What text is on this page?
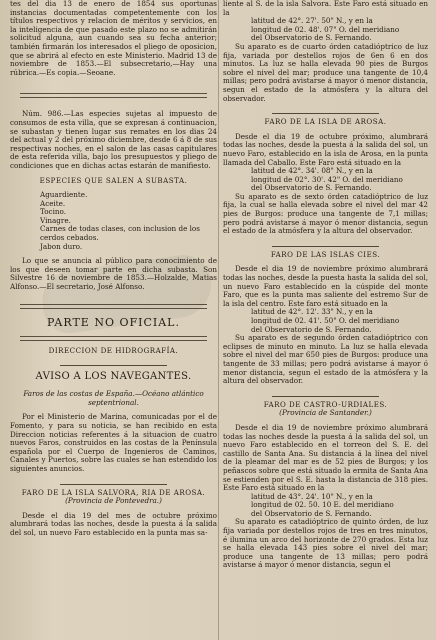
tes del dia 13 de enero de 1854 sus oportunas instancias documentadas competentemente con los títulos respectivos y relacion de méritos y servicios, en la inteligencia de que pasado este plazo no se admitirán solicitud alguna, aun cuando sea su fecha anterior; también firmarán los interesados el pliego de oposicion, que se abrirá al efecto en este Ministerio. Madrid 13 de noviembre de 1853.—El subsecretario,—Hay una rúbrica.—Es copia.—Seoane.

Núm. 986.—Las especies sujetas al impuesto de consumos de esta villa, que se expresan á continuacion, se subastan y tienen lugar sus remates en los dias 24 del actual y 2 del próximo diciembre, desde 6 á 8 de sus respectivas noches, en el salon de las casas capitulares de esta referida villa, bajo los presupuestos y pliego de condiciones que en dichas actas estarán de manifiesto.

ESPECIES QUE SALEN A SUBASTA.

Aguardiente.

Aceite.

Tocino.

Vinagre.

Carnes de todas clases, con inclusion de los cerdos cebados.

Jabon duro.

Lo que se anuncia al público para conocimiento de los que deseen tomar parte en dicha subasta. Son Silvestre 16 de noviembre de 1853.—Holzalde, Matias Alfonso.—El secretario, José Alfonso.

PARTE NO OFICIAL.

DIRECCION DE HIDROGRAFÍA.

AVISO A LOS NAVEGANTES.

Faros de las costas de España.—Océano atlántico septentrional.

Por el Ministerio de Marina, comunicadas por el de Fomento, y para su noticia, se han recibido en esta Direccion noticias referentes á la situacion de cuatro nuevos Faros, construidos en las costas de la Península española por el Cuerpo de Ingenieros de Caminos, Canales y Puertos, sobre las cuales se han estendido los siguientes anuncios.

FARO DE LA ISLA SALVORA, RIA DE AROSA.

(Provincia de Pontevedra.)

Desde el dia 19 del mes de octubre próximo alumbrará todas las noches, desde la puesta á la salida del sol, un nuevo Faro establecido en la punta mas sa-

liente al S. de la isla Salvora. Este Faro está situado en la

latitud de 42°. 27'. 50" N., y en la

longitud de 02. 48'. 07" O. del meridiano

del Observatorio de S. Fernando.

Su aparato es de cuarto órden catadióptrico de luz fija, variada por destellos rojos de 6en 6 en dos minutos. La luz se halla elevada 90 pies de Burgos sobre el nivel del mar; produce una tangente de 10,4 millas; pero podrá avistarse á mayor ó menor distancia, segun el estado de la atmósfera y la altura del observador.

FARO DE LA ISLA DE AROSA.

Desde el dia 19 de octubre próximo, alumbrará todas las noches, desde la puesta á la salida del sol, un nuevo Faro, establecido en la isla de Arosa, en la punta llamada del Caballo. Este Faro está situado en la

latitud de 42°. 34'. 08" N., y en la

longitud de 02°. 30'. 42" O. del meridiano

del Observatorio de S. Fernando.

Su aparato es de sexto órden catadióptrico de luz fija, la cual se halla elevada sobre el nivel del mar 42 pies de Burgos: produce una tangente de 7,1 millas; pero podrá avistarse á mayor ó menor distancia, segun el estado de la atmósfera y la altura del observador.

FARO DE LAS ISLAS CIES.

Desde el dia 19 de noviembre próximo alumbrará todas las noches, desde la puesta hasta la salida del sol, un nuevo Faro establecido en la cúspide del monte Faro, que es la punta mas saliente del estremo Sur de la isla del centro. Este faro está situado en la

latitud de 42°. 12'. 33" N., y en la

longitud de 02. 41'. 50" O. del meridiano

del Observatorio de S. Fernando.

Su aparato es de segundo órden catadióptrico con eclipses de minuto en minuto. La luz se halla elevada sobre el nivel del mar 650 pies de Burgos: produce una tangente de 33 millas; pero podrá avistarse á mayor ó menor distancia, segun el estado de la atmósfera y la altura del observador.

FARO DE CASTRO-URDIALES.

(Provincia de Santander.)

Desde el dia 19 de noviembre próximo alumbrará todas las noches desde la puesta á la salida del sol, un nuevo Faro establecido en el torreon del S. E. del castillo de Santa Ana. Su distancia á la línea del nivel de la pleamar del mar es de 52 pies de Burgos; y los peñascos sobre que está situado la ermita de Santa Ana se estienden por el S. E. hasta la distancia de 318 pies. Este Faro está situado en la

latitud de 43°. 24'. 10" N., y en la

longitud de 02. 50. 10 E. del meridiano

del Observatorio de S. Fernando.

Su aparato es catadióptrico de quinto órden, de luz fija variada por destellos rojos de tres en tres minutos, é ilumina un arco del horizonte de 270 grados. Esta luz se halla elevada 143 pies sobre el nivel del mar; produce una tangente de 13 millas; pero podrá avistarse á mayor ó menor distancia, segun el
